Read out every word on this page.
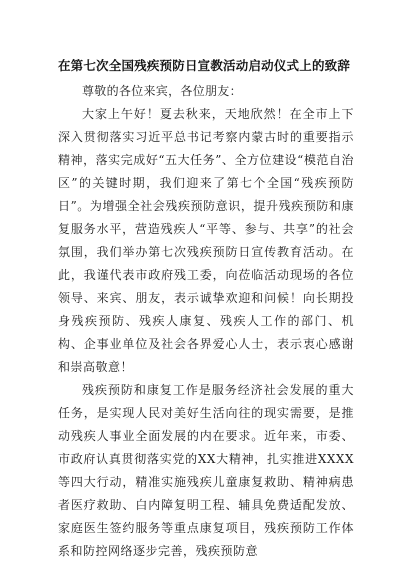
在第七次全国残疾预防日宣教活动启动仪式上的致辞

尊敬的各位来宾，各位朋友：

大家上午好！夏去秋来，天地欣然！在全市上下深入贯彻落实习近平总书记考察内蒙古时的重要指示精神，落实完成好“五大任务”、全方位建设“模范自治区”的关键时期，我们迎来了第七个全国“残疾预防日”。为增强全社会残疾预防意识，提升残疾预防和康复服务水平，营造残疾人“平等、参与、共享”的社会氛围，我们举办第七次残疾预防日宣传教育活动。在此，我谨代表市政府残工委，向莅临活动现场的各位领导、来宾、朋友，表示诚挚欢迎和问候！向长期投身残疾预防、残疾人康复、残疾人工作的部门、机构、企事业单位及社会各界爱心人士，表示衷心感谢和崇高敬意！

残疾预防和康复工作是服务经济社会发展的重大任务，是实现人民对美好生活向往的现实需要，是推动残疾人事业全面发展的内在要求。近年来，市委、市政府认真贯彻落实党的XX大精神，扎实推进XXXX等四大行动，精准实施残疾儿童康复救助、精神病患者医疗救助、白内障复明工程、辅具免费适配发放、家庭医生签约服务等重点康复项目，残疾预防工作体系和防控网络逐步完善，残疾预防意
